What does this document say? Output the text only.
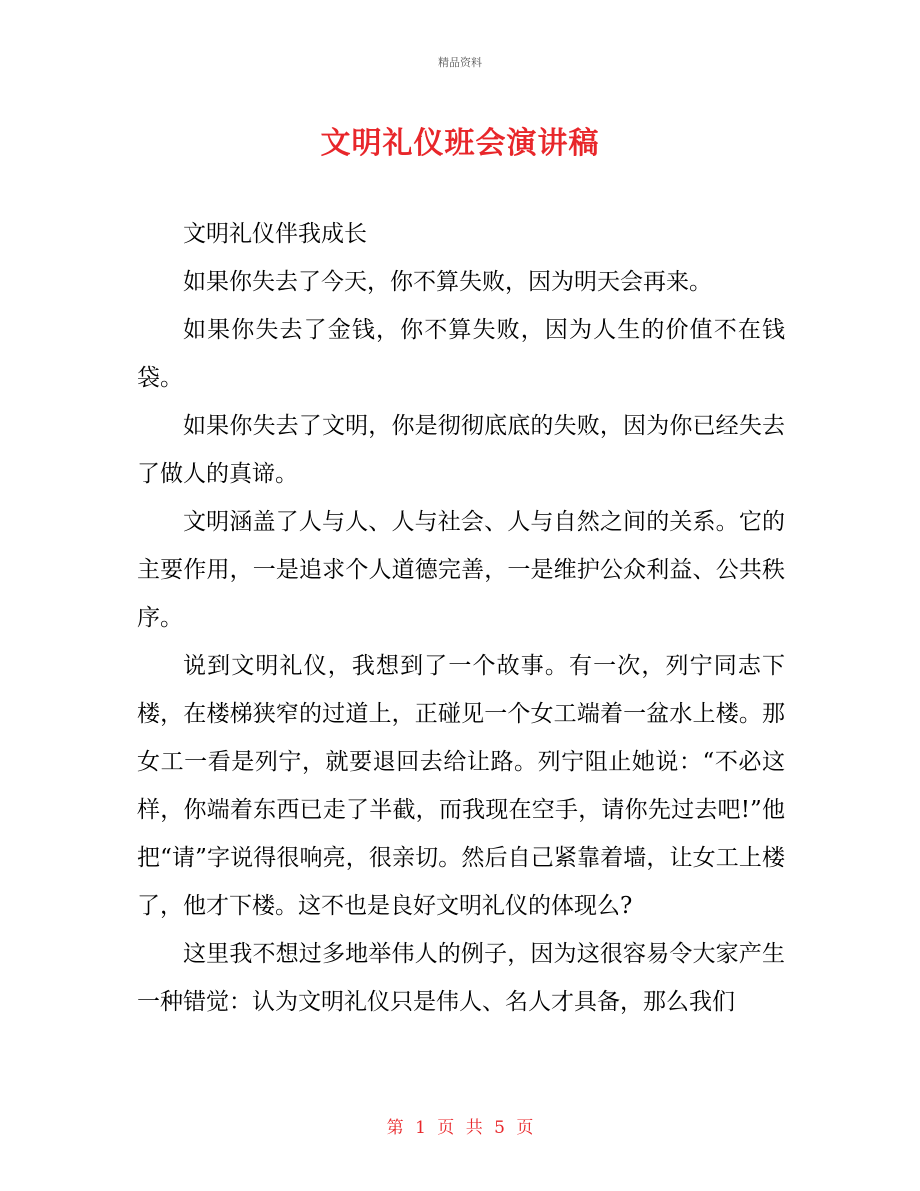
精品资料
文明礼仪班会演讲稿

文明礼仪伴我成长

如果你失去了今天，你不算失败，因为明天会再来。

如果你失去了金钱，你不算失败，因为人生的价值不在钱袋。

如果你失去了文明，你是彻彻底底的失败，因为你已经失去了做人的真谛。

文明涵盖了人与人、人与社会、人与自然之间的关系。它的主要作用，一是追求个人道德完善，一是维护公众利益、公共秩序。

说到文明礼仪，我想到了一个故事。有一次，列宁同志下楼，在楼梯狭窄的过道上，正碰见一个女工端着一盆水上楼。那女工一看是列宁，就要退回去给让路。列宁阻止她说：“不必这样，你端着东西已走了半截，而我现在空手，请你先过去吧!”他把“请”字说得很响亮，很亲切。然后自己紧靠着墙，让女工上楼了，他才下楼。这不也是良好文明礼仪的体现么?

这里我不想过多地举伟人的例子，因为这很容易令大家产生一种错觉：认为文明礼仪只是伟人、名人才具备，那么我们

第 1 页 共 5 页
